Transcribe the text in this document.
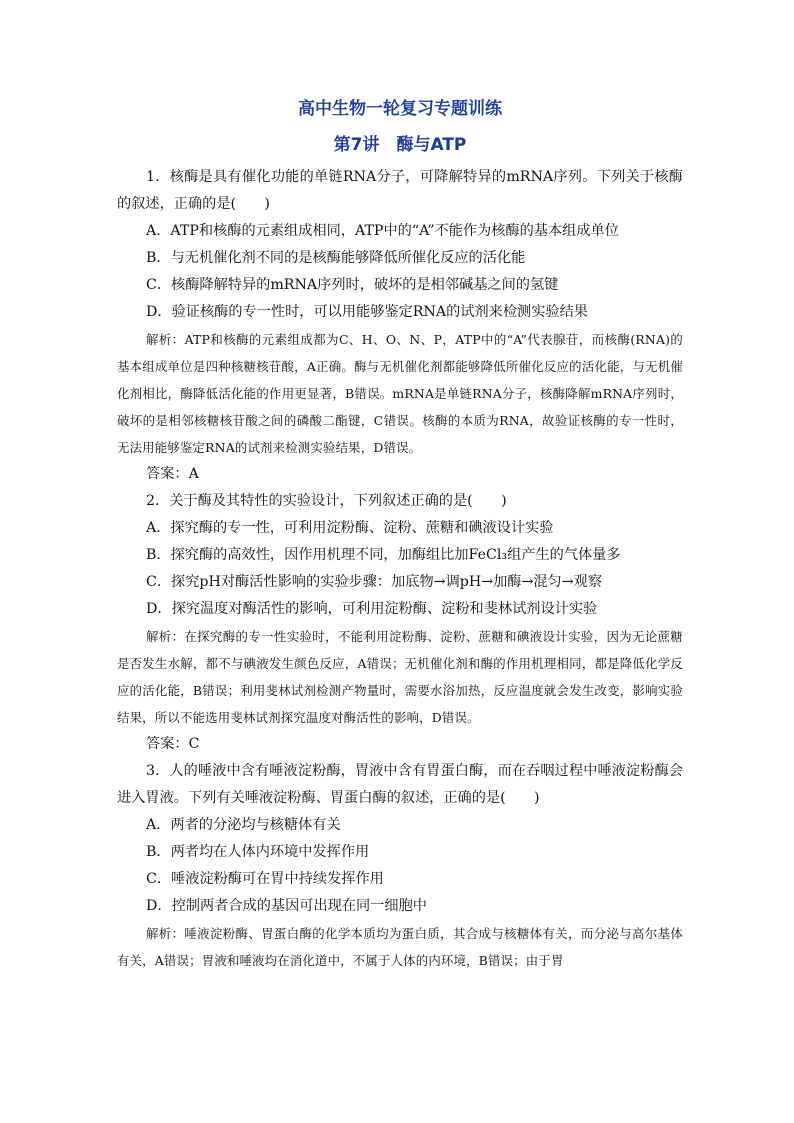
高中生物一轮复习专题训练
第7讲　酶与ATP

1．核酶是具有催化功能的单链RNA分子，可降解特异的mRNA序列。下列关于核酶的叙述，正确的是(　　)

A．ATP和核酶的元素组成相同，ATP中的“A”不能作为核酶的基本组成单位

B．与无机催化剂不同的是核酶能够降低所催化反应的活化能

C．核酶降解特异的mRNA序列时，破坏的是相邻碱基之间的氢键

D．验证核酶的专一性时，可以用能够鉴定RNA的试剂来检测实验结果

解析：ATP和核酶的元素组成都为C、H、O、N、P，ATP中的“A”代表腺苷，而核酶(RNA)的基本组成单位是四种核糖核苷酸，A正确。酶与无机催化剂都能够降低所催化反应的活化能，与无机催化剂相比，酶降低活化能的作用更显著，B错误。mRNA是单链RNA分子，核酶降解mRNA序列时，破坏的是相邻核糖核苷酸之间的磷酸二酯键，C错误。核酶的本质为RNA，故验证核酶的专一性时，无法用能够鉴定RNA的试剂来检测实验结果，D错误。

答案：A

2．关于酶及其特性的实验设计，下列叙述正确的是(　　)

A．探究酶的专一性，可利用淀粉酶、淀粉、蔗糖和碘液设计实验

B．探究酶的高效性，因作用机理不同，加酶组比加FeCl₃组产生的气体量多

C．探究pH对酶活性影响的实验步骤：加底物→调pH→加酶→混匀→观察

D．探究温度对酶活性的影响，可利用淀粉酶、淀粉和斐林试剂设计实验

解析：在探究酶的专一性实验时，不能利用淀粉酶、淀粉、蔗糖和碘液设计实验，因为无论蔗糖是否发生水解，都不与碘液发生颜色反应，A错误；无机催化剂和酶的作用机理相同，都是降低化学反应的活化能，B错误；利用斐林试剂检测产物量时，需要水浴加热，反应温度就会发生改变，影响实验结果，所以不能选用斐林试剂探究温度对酶活性的影响，D错误。

答案：C

3．人的唾液中含有唾液淀粉酶，胃液中含有胃蛋白酶，而在吞咽过程中唾液淀粉酶会进入胃液。下列有关唾液淀粉酶、胃蛋白酶的叙述，正确的是(　　)

A．两者的分泌均与核糖体有关

B．两者均在人体内环境中发挥作用

C．唾液淀粉酶可在胃中持续发挥作用

D．控制两者合成的基因可出现在同一细胞中

解析：唾液淀粉酶、胃蛋白酶的化学本质均为蛋白质，其合成与核糖体有关，而分泌与高尔基体有关，A错误；胃液和唾液均在消化道中，不属于人体的内环境，B错误；由于胃
